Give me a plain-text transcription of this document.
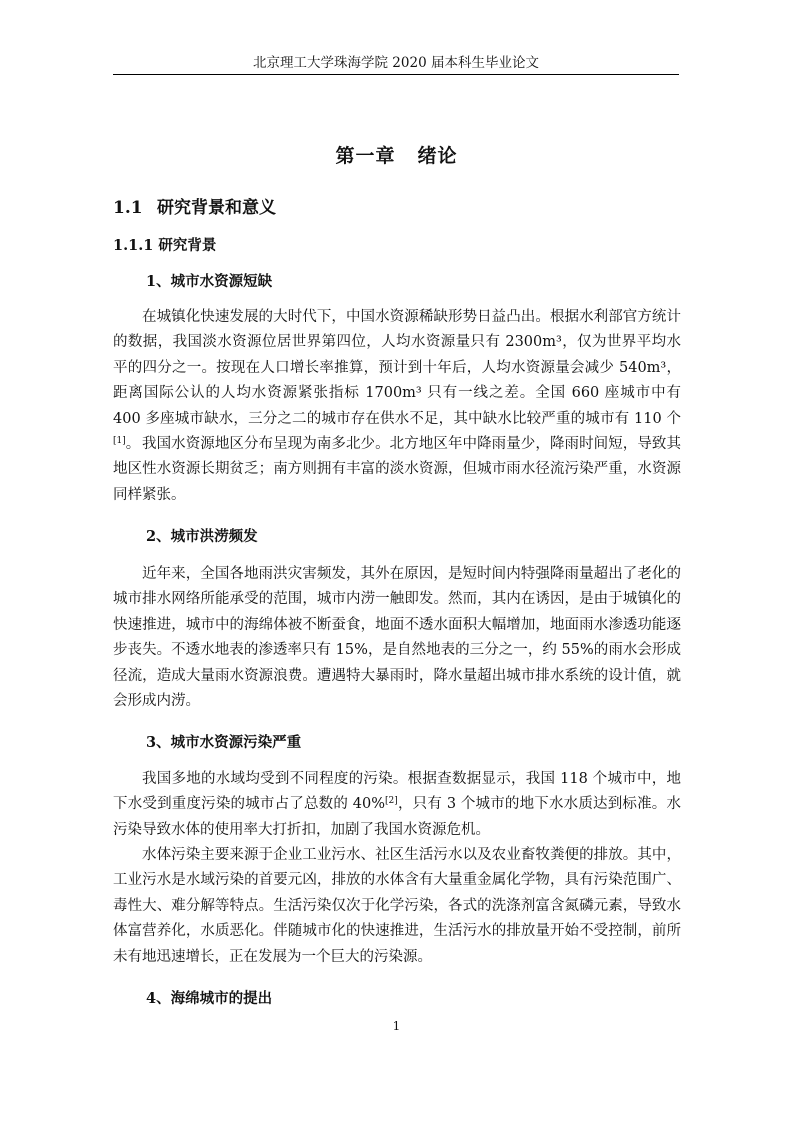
北京理工大学珠海学院 2020 届本科生毕业论文
第一章 绪论
1.1 研究背景和意义
1.1.1 研究背景
1、城市水资源短缺

在城镇化快速发展的大时代下，中国水资源稀缺形势日益凸出。根据水利部官方统计的数据，我国淡水资源位居世界第四位，人均水资源量只有 2300m³，仅为世界平均水平的四分之一。按现在人口增长率推算，预计到十年后，人均水资源量会减少 540m³，距离国际公认的人均水资源紧张指标 1700m³ 只有一线之差。全国 660 座城市中有 400 多座城市缺水，三分之二的城市存在供水不足，其中缺水比较严重的城市有 110 个[1]。 我国水资源地区分布呈现为南多北少。北方地区年中降雨量少，降雨时间短，导致其地区性水资源长期贫乏；南方则拥有丰富的淡水资源，但城市雨水径流污染严重，水资源同样紧张。

2、城市洪涝频发

近年来，全国各地雨洪灾害频发，其外在原因，是短时间内特强降雨量超出了老化的城市排水网络所能承受的范围，城市内涝一触即发。然而，其内在诱因，是由于城镇化的快速推进，城市中的海绵体被不断蚕食，地面不透水面积大幅增加，地面雨水渗透功能逐步丧失。不透水地表的渗透率只有 15%，是自然地表的三分之一，约 55%的雨水会形成径流，造成大量雨水资源浪费。遭遇特大暴雨时，降水量超出城市排水系统的设计值，就会形成内涝。

3、城市水资源污染严重

我国多地的水域均受到不同程度的污染。根据查数据显示，我国 118 个城市中，地下水受到重度污染的城市占了总数的 40%[2]，只有 3 个城市的地下水水质达到标准。水污染导致水体的使用率大打折扣，加剧了我国水资源危机。

水体污染主要来源于企业工业污水、社区生活污水以及农业畜牧粪便的排放。其中，工业污水是水域污染的首要元凶，排放的水体含有大量重金属化学物，具有污染范围广、毒性大、难分解等特点。生活污染仅次于化学污染，各式的洗涤剂富含氮磷元素，导致水体富营养化，水质恶化。伴随城市化的快速推进，生活污水的排放量开始不受控制，前所未有地迅速增长，正在发展为一个巨大的污染源。

4、海绵城市的提出
1
